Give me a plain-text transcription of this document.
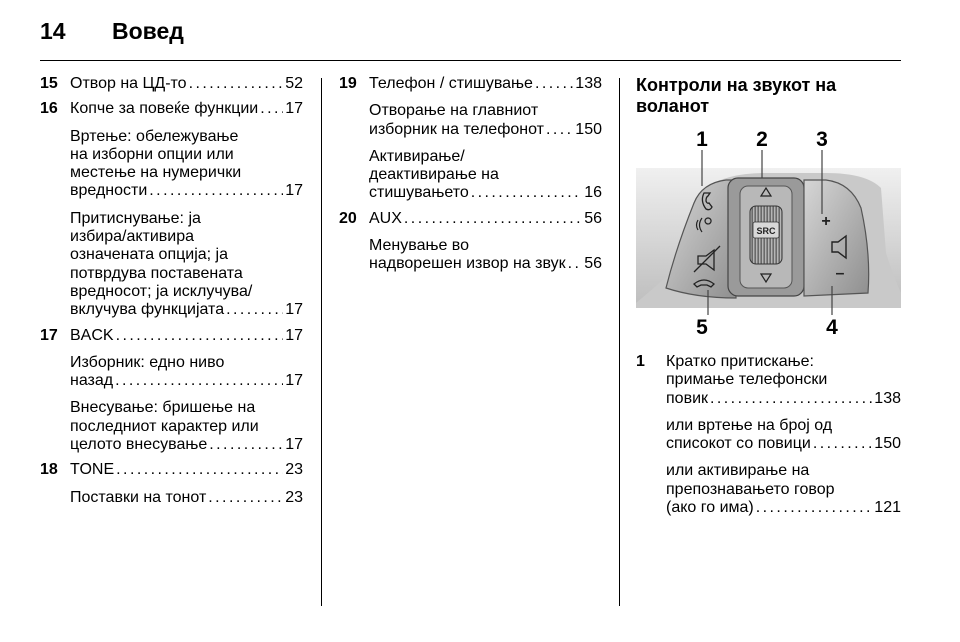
14 Вовед
15 Отвор на ЦД-то . . .	52
16 Копче за повеќе функции . . . 17
Вртење: обележување
на изборни опции или
местење на нумерички
вредности . . .	17
Притиснување: ја
избира/активира
означената опција; ја
потврдува поставената
вредносот; ја исклучува/
вклучува функцијата . . .	17
17 BACK . . .	17
Изборник: едно ниво
назад . . .	17
Внесување: бришење на
последниот карактер или
целото внесување . . .	17
18 TONE . . .	23
Поставки на тонот . . .	23
19 Телефон / стишување . . .	138
Отворање на главниот
изборник на телефонот . . . 150
Активирање/
деактивирање на
стишувањето . . .	16
20 AUX . . .	56
Менување во
надворешен извор на звук . . . 56
Контроли на звукот на
воланот
SRC
+
–
1 2 3
4
5
1 Кратко притискање:
примање телефонски
повик . . .	138
или вртење на број од
списокот со повици . . .	150
или активирање на
препознавањето говор
(ако го има) . . .	121
